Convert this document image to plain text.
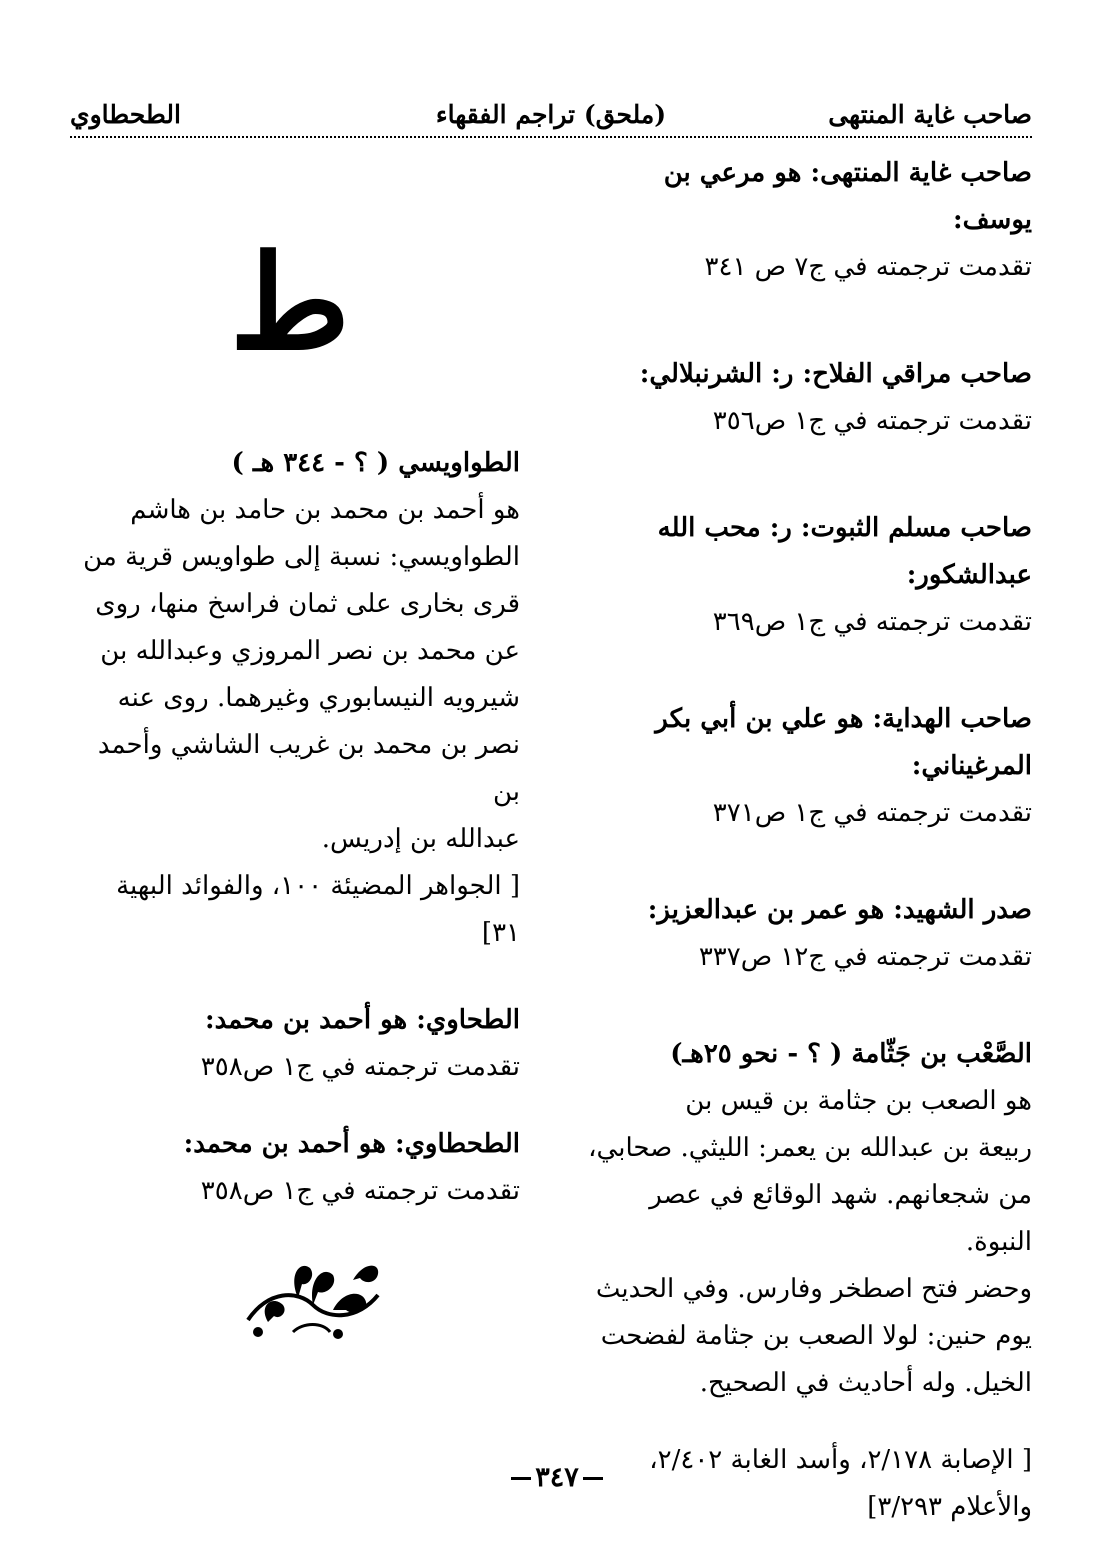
صاحب غاية المنتهى
(ملحق) تراجم الفقهاء
الطحطاوي

صاحب غاية المنتهى: هو مرعي بن يوسف:

تقدمت ترجمته في ج٧ ص ٣٤١

صاحب مراقي الفلاح: ر: الشرنبلالي:

تقدمت ترجمته في ج١ ص٣٥٦

صاحب مسلم الثبوت: ر: محب الله

عبدالشكور:

تقدمت ترجمته في ج١ ص٣٦٩

صاحب الهداية: هو علي بن أبي بكر

المرغيناني:

تقدمت ترجمته في ج١ ص٣٧١

صدر الشهيد: هو عمر بن عبدالعزيز:

تقدمت ترجمته في ج١٢ ص٣٣٧

الصَّعْب بن جَثّامة ( ؟ - نحو ٢٥هـ)

هو الصعب بن جثامة بن قيس بن

ربيعة بن عبدالله بن يعمر: الليثي. صحابي،

من شجعانهم. شهد الوقائع في عصر النبوة.

وحضر فتح اصطخر وفارس. وفي الحديث

يوم حنين: لولا الصعب بن جثامة لفضحت

الخيل. وله أحاديث في الصحيح.

[ الإصابة ٢/١٧٨، وأسد الغابة ٢/٤٠٢،

والأعلام ٣/٢٩٣]

ط

الطواويسي ( ؟ - ٣٤٤ هـ )

هو أحمد بن محمد بن حامد بن هاشم

الطواويسي: نسبة إلى طواويس قرية من

قرى بخارى على ثمان فراسخ منها، روى

عن محمد بن نصر المروزي وعبدالله بن

شيرويه النيسابوري وغيرهما. روى عنه

نصر بن محمد بن غريب الشاشي وأحمد بن

عبدالله بن إدريس.

[ الجواهر المضيئة ١٠٠، والفوائد البهية

٣١]

الطحاوي: هو أحمد بن محمد:

تقدمت ترجمته في ج١ ص٣٥٨

الطحطاوي: هو أحمد بن محمد:

تقدمت ترجمته في ج١ ص٣٥٨

٣٤٧
